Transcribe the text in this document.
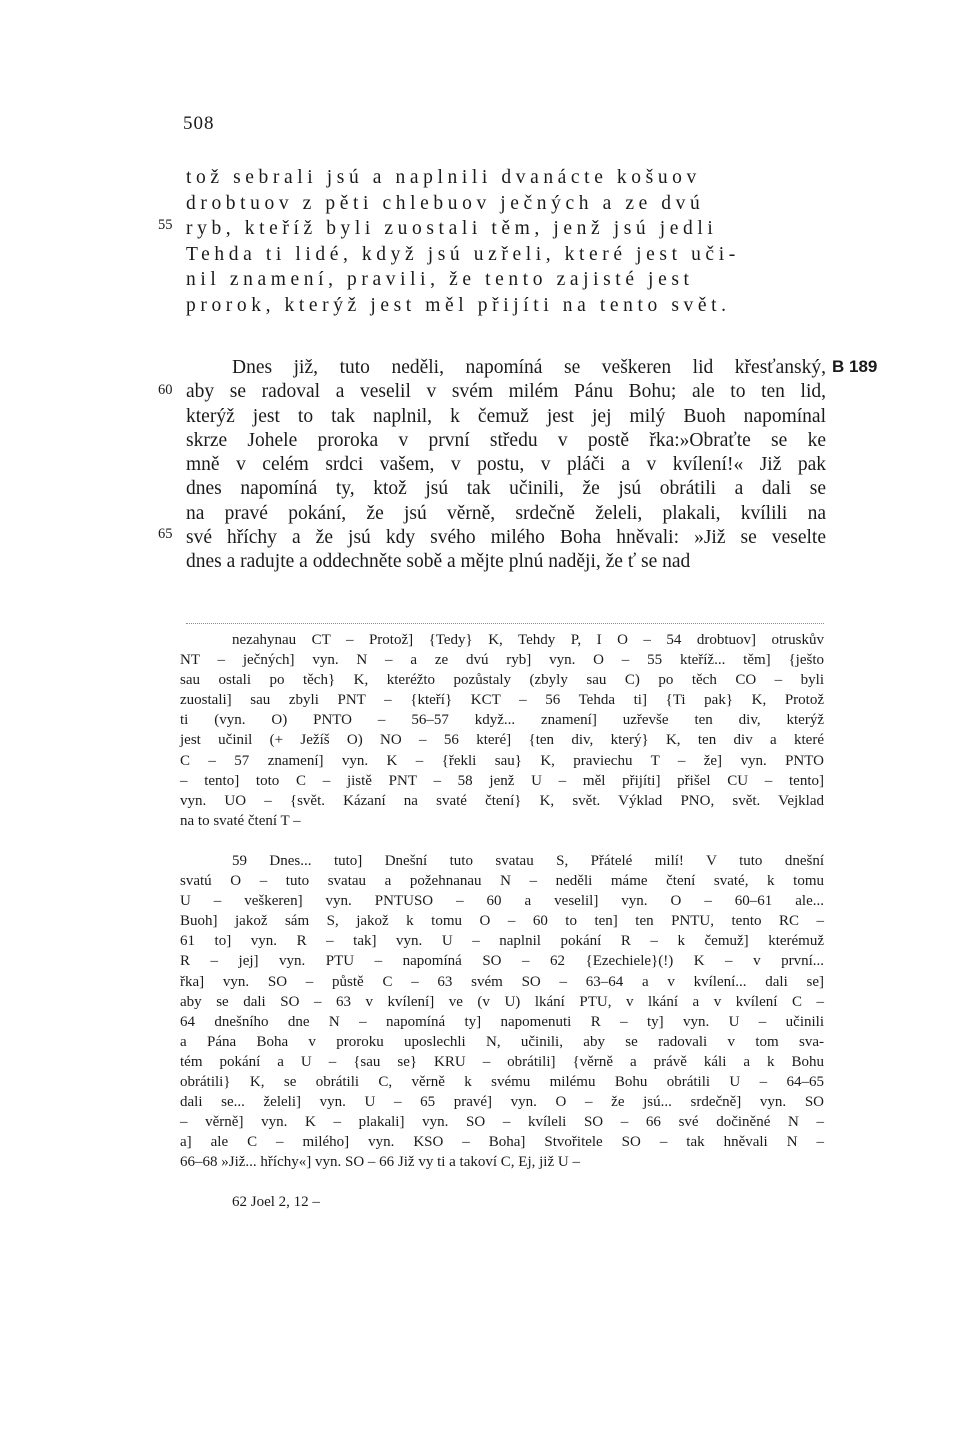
508
tož sebrali jsú a naplnili dvanácte košuov
drobtuov z pěti chlebuov ječných a ze dvú
ryb, kteříž byli zuostali těm, jenž jsú jedli
Tehda ti lidé, když jsú uzřeli, které jest uči-
nil znamení, pravili, že tento zajisté jest
prorok, kterýž jest měl přijíti na tento svět.
55
60
65
B 189
Dnes již, tuto neděli, napomíná se veškeren lid křesťanský,
aby se radoval a veselil v svém milém Pánu Bohu; ale to ten lid,
kterýž jest to tak naplnil, k čemuž jest jej milý Buoh napomínal
skrze Johele proroka v první středu v postě řka:»Obraťte se ke
mně v celém srdci vašem, v postu, v pláči a v kvílení!« Již pak
dnes napomíná ty, ktož jsú tak učinili, že jsú obrátili a dali se
na pravé pokání, že jsú věrně, srdečně želeli, plakali, kvílili na
své hříchy a že jsú kdy svého milého Boha hněvali: »Již se veselte
dnes a radujte a oddechněte sobě a mějte plnú naději, že ť se nad
nezahynau CT – Protož] {Tedy} K, Tehdy P, I O – 54 drobtuov] otruskův
NT – ječných] vyn. N – a ze dvú ryb] vyn. O – 55 kteříž... těm] {ješto
sau ostali po těch} K, kteréžto pozůstaly (zbyly sau C) po těch CO – byli
zuostali] sau zbyli PNT – {kteří} KCT – 56 Tehda ti] {Ti pak} K, Protož
ti (vyn. O) PNTO – 56–57 když... znamení] uzřevše ten div, kterýž
jest učinil (+ Ježíš O) NO – 56 které] {ten div, který} K, ten div a které
C – 57 znamení] vyn. K – {řekli sau} K, praviechu T – že] vyn. PNTO
– tento] toto C – jistě PNT – 58 jenž U – měl přijíti] přišel CU – tento]
vyn. UO – {svět. Kázaní na svaté čtení} K, svět. Výklad PNO, svět. Vejklad
na to svaté čtení T –
59 Dnes... tuto] Dnešní tuto svatau S, Přátelé milí! V tuto dnešní
svatú O – tuto svatau a požehnanau N – neděli máme čtení svaté, k tomu
U – veškeren] vyn. PNTUSO – 60 a veselil] vyn. O – 60–61 ale...
Buoh] jakož sám S, jakož k tomu O – 60 to ten] ten PNTU, tento RC –
61 to] vyn. R – tak] vyn. U – naplnil pokání R – k čemuž] kterémuž
R – jej] vyn. PTU – napomíná SO – 62 {Ezechiele}(!) K – v první...
řka] vyn. SO – půstě C – 63 svém SO – 63–64 a v kvílení... dali se]
aby se dali SO – 63 v kvílení] ve (v U) lkání PTU, v lkání a v kvílení C –
64 dnešního dne N – napomíná ty] napomenuti R – ty] vyn. U – učinili
a Pána Boha v proroku uposlechli N, učinili, aby se radovali v tom sva-
tém pokání a U – {sau se} KRU – obrátili] {věrně a právě káli a k Bohu
obrátili} K, se obrátili C, věrně k svému milému Bohu obrátili U – 64–65
dali se... želeli] vyn. U – 65 pravé] vyn. O – že jsú... srdečně] vyn. SO
– věrně] vyn. K – plakali] vyn. SO – kvíleli SO – 66 své dočiněné N –
a] ale C – milého] vyn. KSO – Boha] Stvořitele SO – tak hněvali N –
66–68 »Již... hříchy«] vyn. SO – 66 Již vy ti a takoví C, Ej, již U –
62 Joel 2, 12 –
